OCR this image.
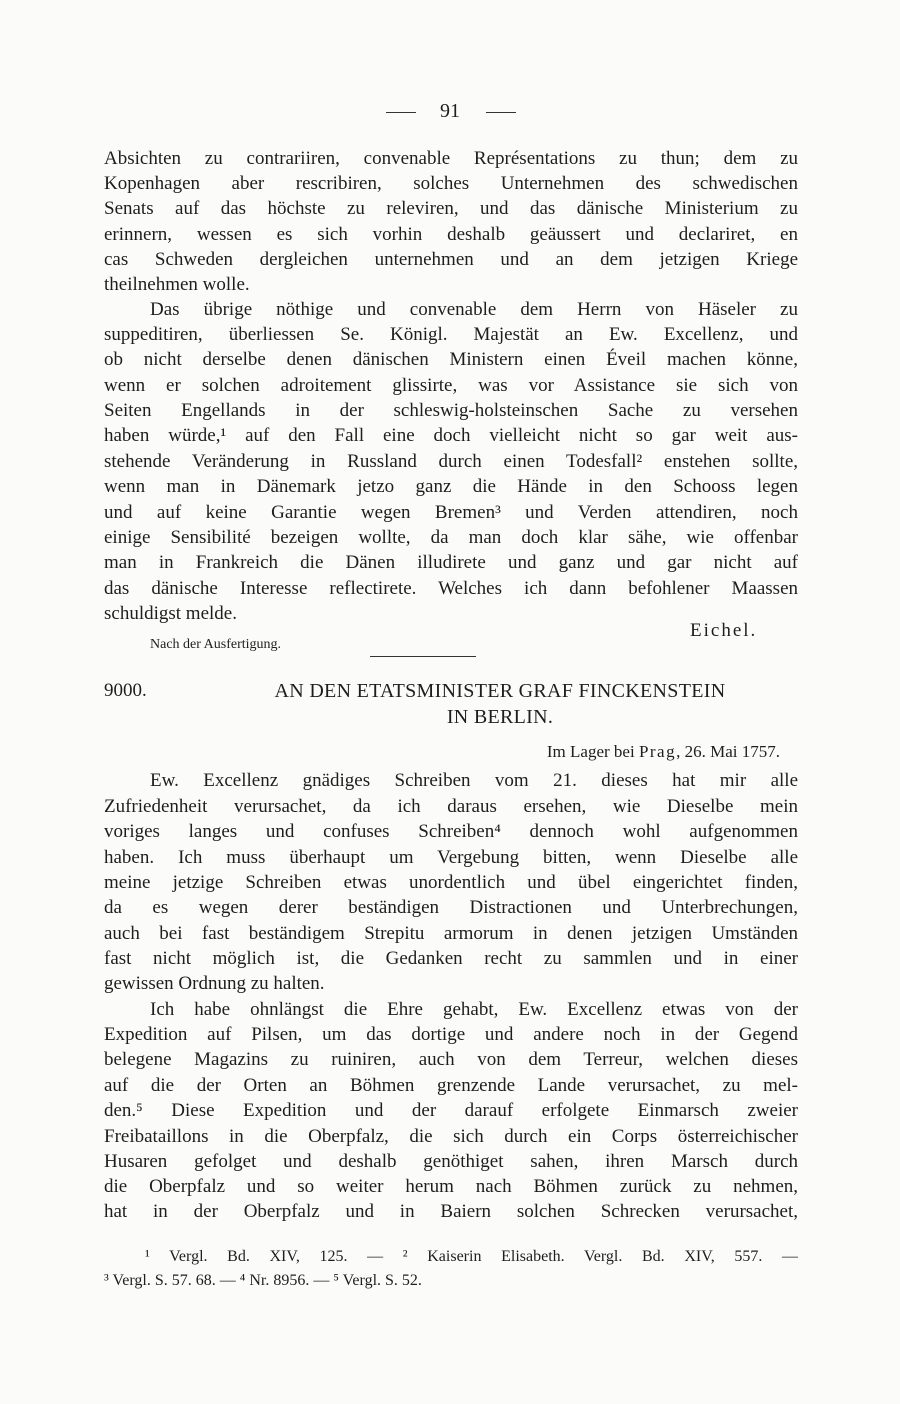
91
Absichten zu contrariiren, convenable Représentations zu thun; dem zu
Kopenhagen aber rescribiren, solches Unternehmen des schwedischen
Senats auf das höchste zu releviren, und das dänische Ministerium zu
erinnern, wessen es sich vorhin deshalb geäussert und declariret, en
cas Schweden dergleichen unternehmen und an dem jetzigen Kriege
theilnehmen wolle.
Das übrige nöthige und convenable dem Herrn von Häseler zu
suppeditiren, überliessen Se. Königl. Majestät an Ew. Excellenz, und
ob nicht derselbe denen dänischen Ministern einen Éveil machen könne,
wenn er solchen adroitement glissirte, was vor Assistance sie sich von
Seiten Engellands in der schleswig-holsteinschen Sache zu versehen
haben würde,¹ auf den Fall eine doch vielleicht nicht so gar weit aus-
stehende Veränderung in Russland durch einen Todesfall² enstehen sollte,
wenn man in Dänemark jetzo ganz die Hände in den Schooss legen
und auf keine Garantie wegen Bremen³ und Verden attendiren, noch
einige Sensibilité bezeigen wollte, da man doch klar sähe, wie offenbar
man in Frankreich die Dänen illudirete und ganz und gar nicht auf
das dänische Interesse reflectirete. Welches ich dann befohlener Maassen
schuldigst melde.
Eichel.
Nach der Ausfertigung.
9000.	AN DEN ETATSMINISTER GRAF FINCKENSTEIN
IN BERLIN.
Im Lager bei Prag, 26. Mai 1757.
Ew. Excellenz gnädiges Schreiben vom 21. dieses hat mir alle
Zufriedenheit verursachet, da ich daraus ersehen, wie Dieselbe mein
voriges langes und confuses Schreiben⁴ dennoch wohl aufgenommen
haben. Ich muss überhaupt um Vergebung bitten, wenn Dieselbe alle
meine jetzige Schreiben etwas unordentlich und übel eingerichtet finden,
da es wegen derer beständigen Distractionen und Unterbrechungen,
auch bei fast beständigem Strepitu armorum in denen jetzigen Umständen
fast nicht möglich ist, die Gedanken recht zu sammlen und in einer
gewissen Ordnung zu halten.
Ich habe ohnlängst die Ehre gehabt, Ew. Excellenz etwas von der
Expedition auf Pilsen, um das dortige und andere noch in der Gegend
belegene Magazins zu ruiniren, auch von dem Terreur, welchen dieses
auf die der Orten an Böhmen grenzende Lande verursachet, zu mel-
den.⁵ Diese Expedition und der darauf erfolgete Einmarsch zweier
Freibataillons in die Oberpfalz, die sich durch ein Corps österreichischer
Husaren gefolget und deshalb genöthiget sahen, ihren Marsch durch
die Oberpfalz und so weiter herum nach Böhmen zurück zu nehmen,
hat in der Oberpfalz und in Baiern solchen Schrecken verursachet,
¹ Vergl. Bd. XIV, 125. — ² Kaiserin Elisabeth. Vergl. Bd. XIV, 557. —
³ Vergl. S. 57. 68. — ⁴ Nr. 8956. — ⁵ Vergl. S. 52.
